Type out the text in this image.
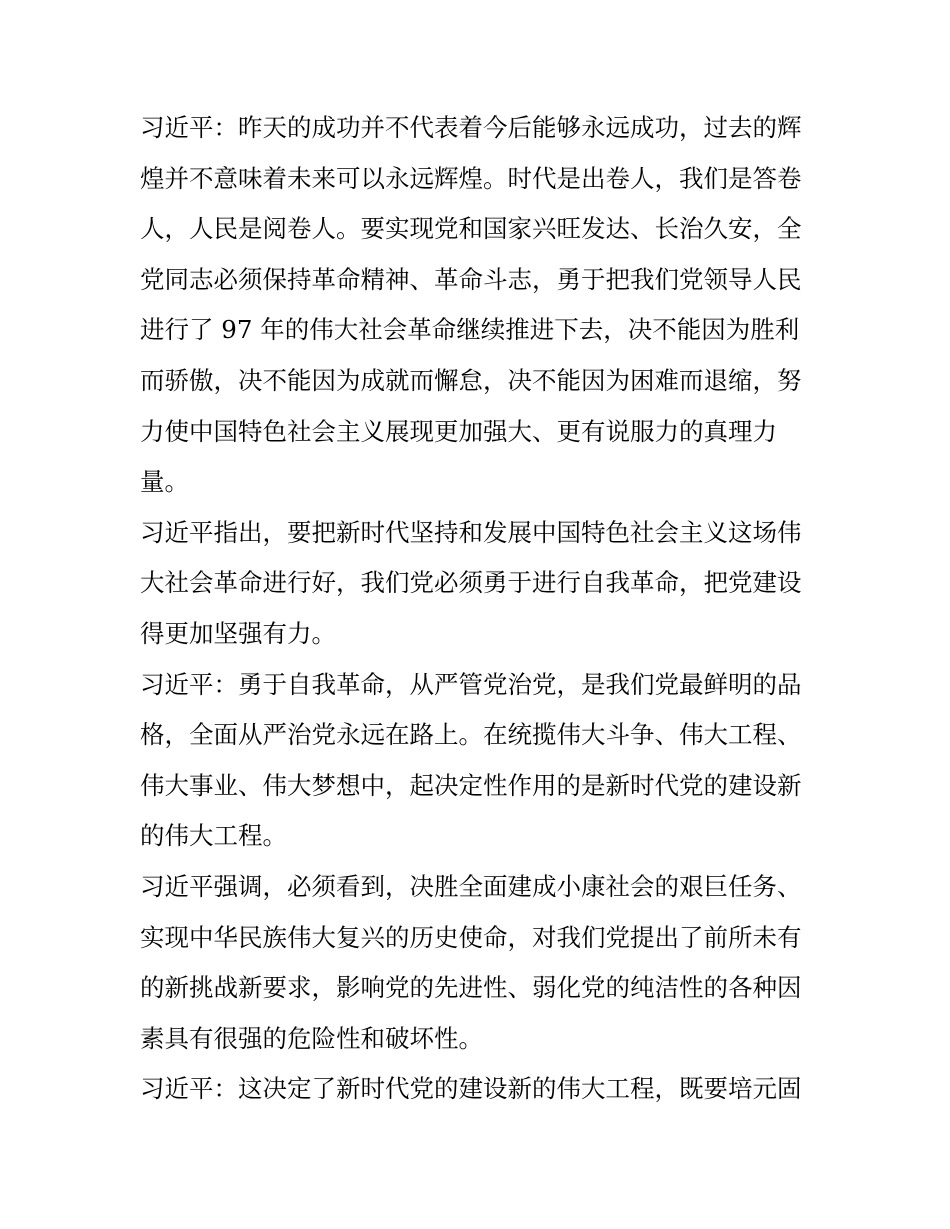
习近平：昨天的成功并不代表着今后能够永远成功，过去的辉
煌并不意味着未来可以永远辉煌。时代是出卷人，我们是答卷
人，人民是阅卷人。要实现党和国家兴旺发达、长治久安，全
党同志必须保持革命精神、革命斗志，勇于把我们党领导人民
进行了 97 年的伟大社会革命继续推进下去，决不能因为胜利
而骄傲，决不能因为成就而懈怠，决不能因为困难而退缩，努
力使中国特色社会主义展现更加强大、更有说服力的真理力
量。
习近平指出，要把新时代坚持和发展中国特色社会主义这场伟
大社会革命进行好，我们党必须勇于进行自我革命，把党建设
得更加坚强有力。
习近平：勇于自我革命，从严管党治党，是我们党最鲜明的品
格，全面从严治党永远在路上。在统揽伟大斗争、伟大工程、
伟大事业、伟大梦想中，起决定性作用的是新时代党的建设新
的伟大工程。
习近平强调，必须看到，决胜全面建成小康社会的艰巨任务、
实现中华民族伟大复兴的历史使命，对我们党提出了前所未有
的新挑战新要求，影响党的先进性、弱化党的纯洁性的各种因
素具有很强的危险性和破坏性。
习近平：这决定了新时代党的建设新的伟大工程，既要培元固
